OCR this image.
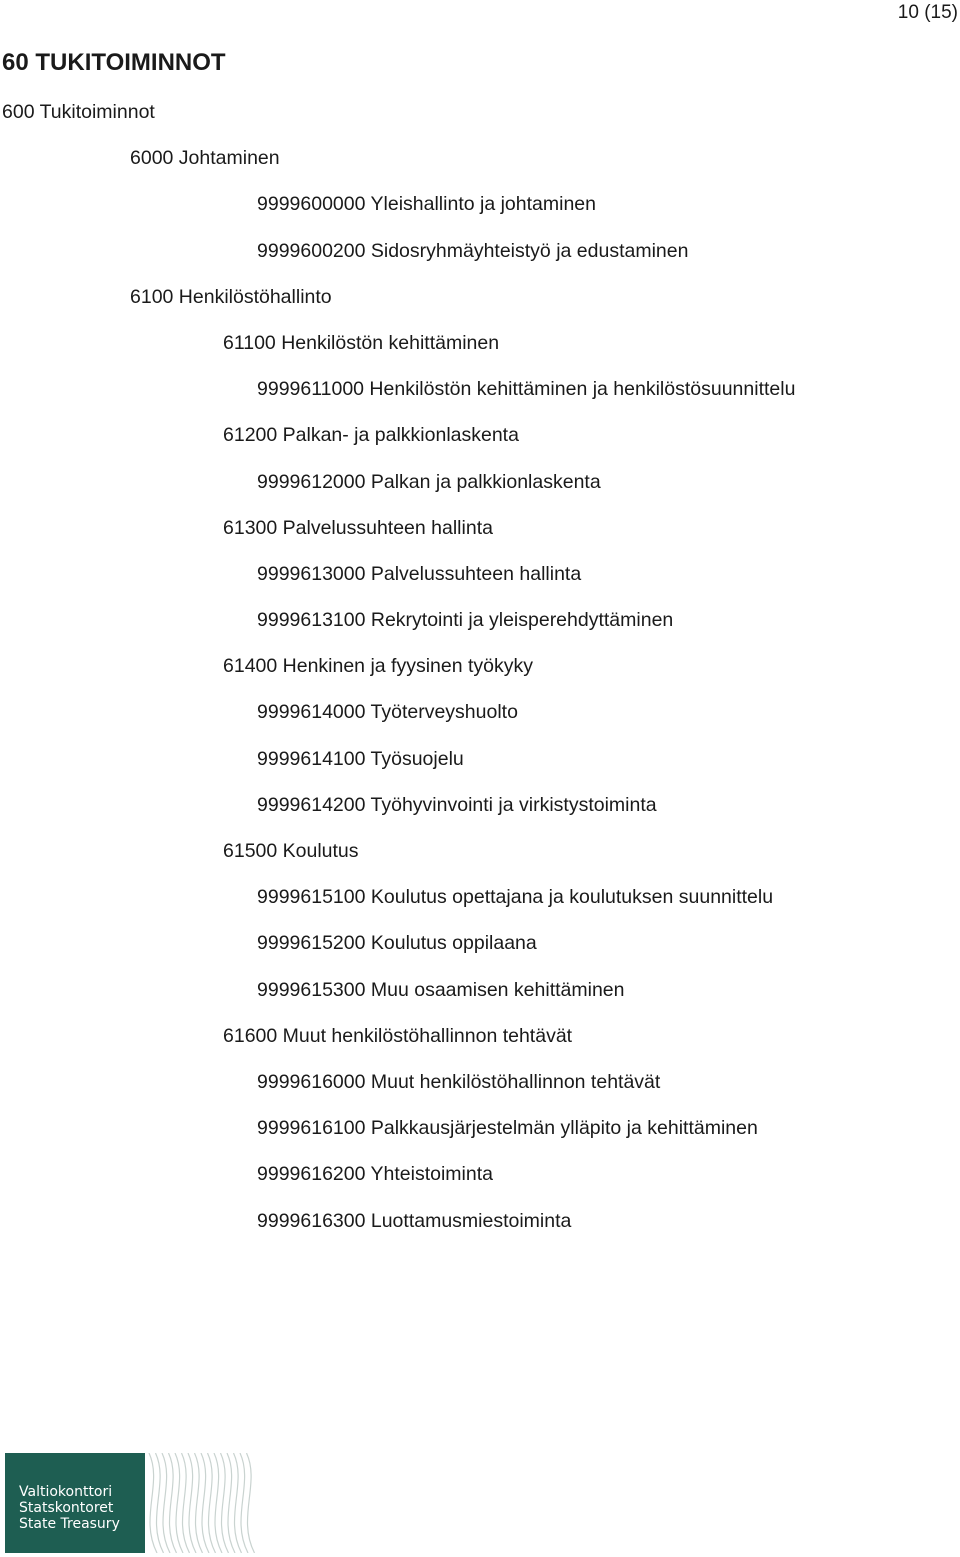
10 (15)
60 TUKITOIMINNOT
600 Tukitoiminnot
6000 Johtaminen
9999600000 Yleishallinto ja johtaminen
9999600200 Sidosryhmäyhteistyö ja edustaminen
6100 Henkilöstöhallinto
61100 Henkilöstön kehittäminen
9999611000 Henkilöstön kehittäminen ja henkilöstösuunnittelu
61200 Palkan- ja palkkionlaskenta
9999612000 Palkan ja palkkionlaskenta
61300 Palvelussuhteen hallinta
9999613000 Palvelussuhteen hallinta
9999613100 Rekrytointi ja yleisperehdyttäminen
61400 Henkinen ja fyysinen työkyky
9999614000 Työterveyshuolto
9999614100 Työsuojelu
9999614200 Työhyvinvointi ja virkistystoiminta
61500 Koulutus
9999615100 Koulutus opettajana ja koulutuksen suunnittelu
9999615200 Koulutus oppilaana
9999615300 Muu osaamisen kehittäminen
61600 Muut henkilöstöhallinnon tehtävät
9999616000 Muut henkilöstöhallinnon tehtävät
9999616100 Palkkausjärjestelmän ylläpito ja kehittäminen
9999616200 Yhteistoiminta
9999616300 Luottamusmiestoiminta
Valtiokonttori
Statskontoret
State Treasury
